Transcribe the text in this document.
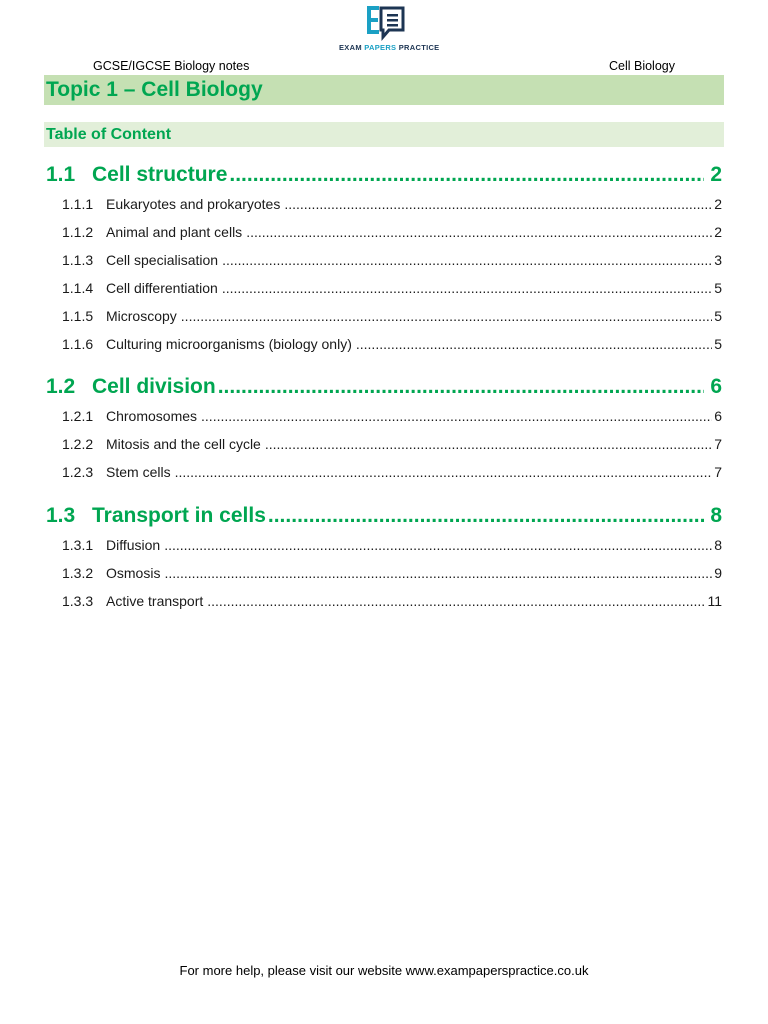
EXAM PAPERS PRACTICE
GCSE/IGCSE Biology notes	Cell Biology
Topic 1 – Cell Biology
Table of Content
1.1 Cell structure .....	2
1.1.1 Eukaryotes and prokaryotes .....	2
1.1.2 Animal and plant cells .....	2
1.1.3 Cell specialisation .....	3
1.1.4 Cell differentiation .....	5
1.1.5 Microscopy .....	5
1.1.6 Culturing microorganisms (biology only) .....	5
1.2 Cell division .....	6
1.2.1 Chromosomes .....	6
1.2.2 Mitosis and the cell cycle .....	7
1.2.3 Stem cells .....	7
1.3 Transport in cells .....	8
1.3.1 Diffusion .....	8
1.3.2 Osmosis .....	9
1.3.3 Active transport .....	11
For more help, please visit our website www.exampaperspractice.co.uk
